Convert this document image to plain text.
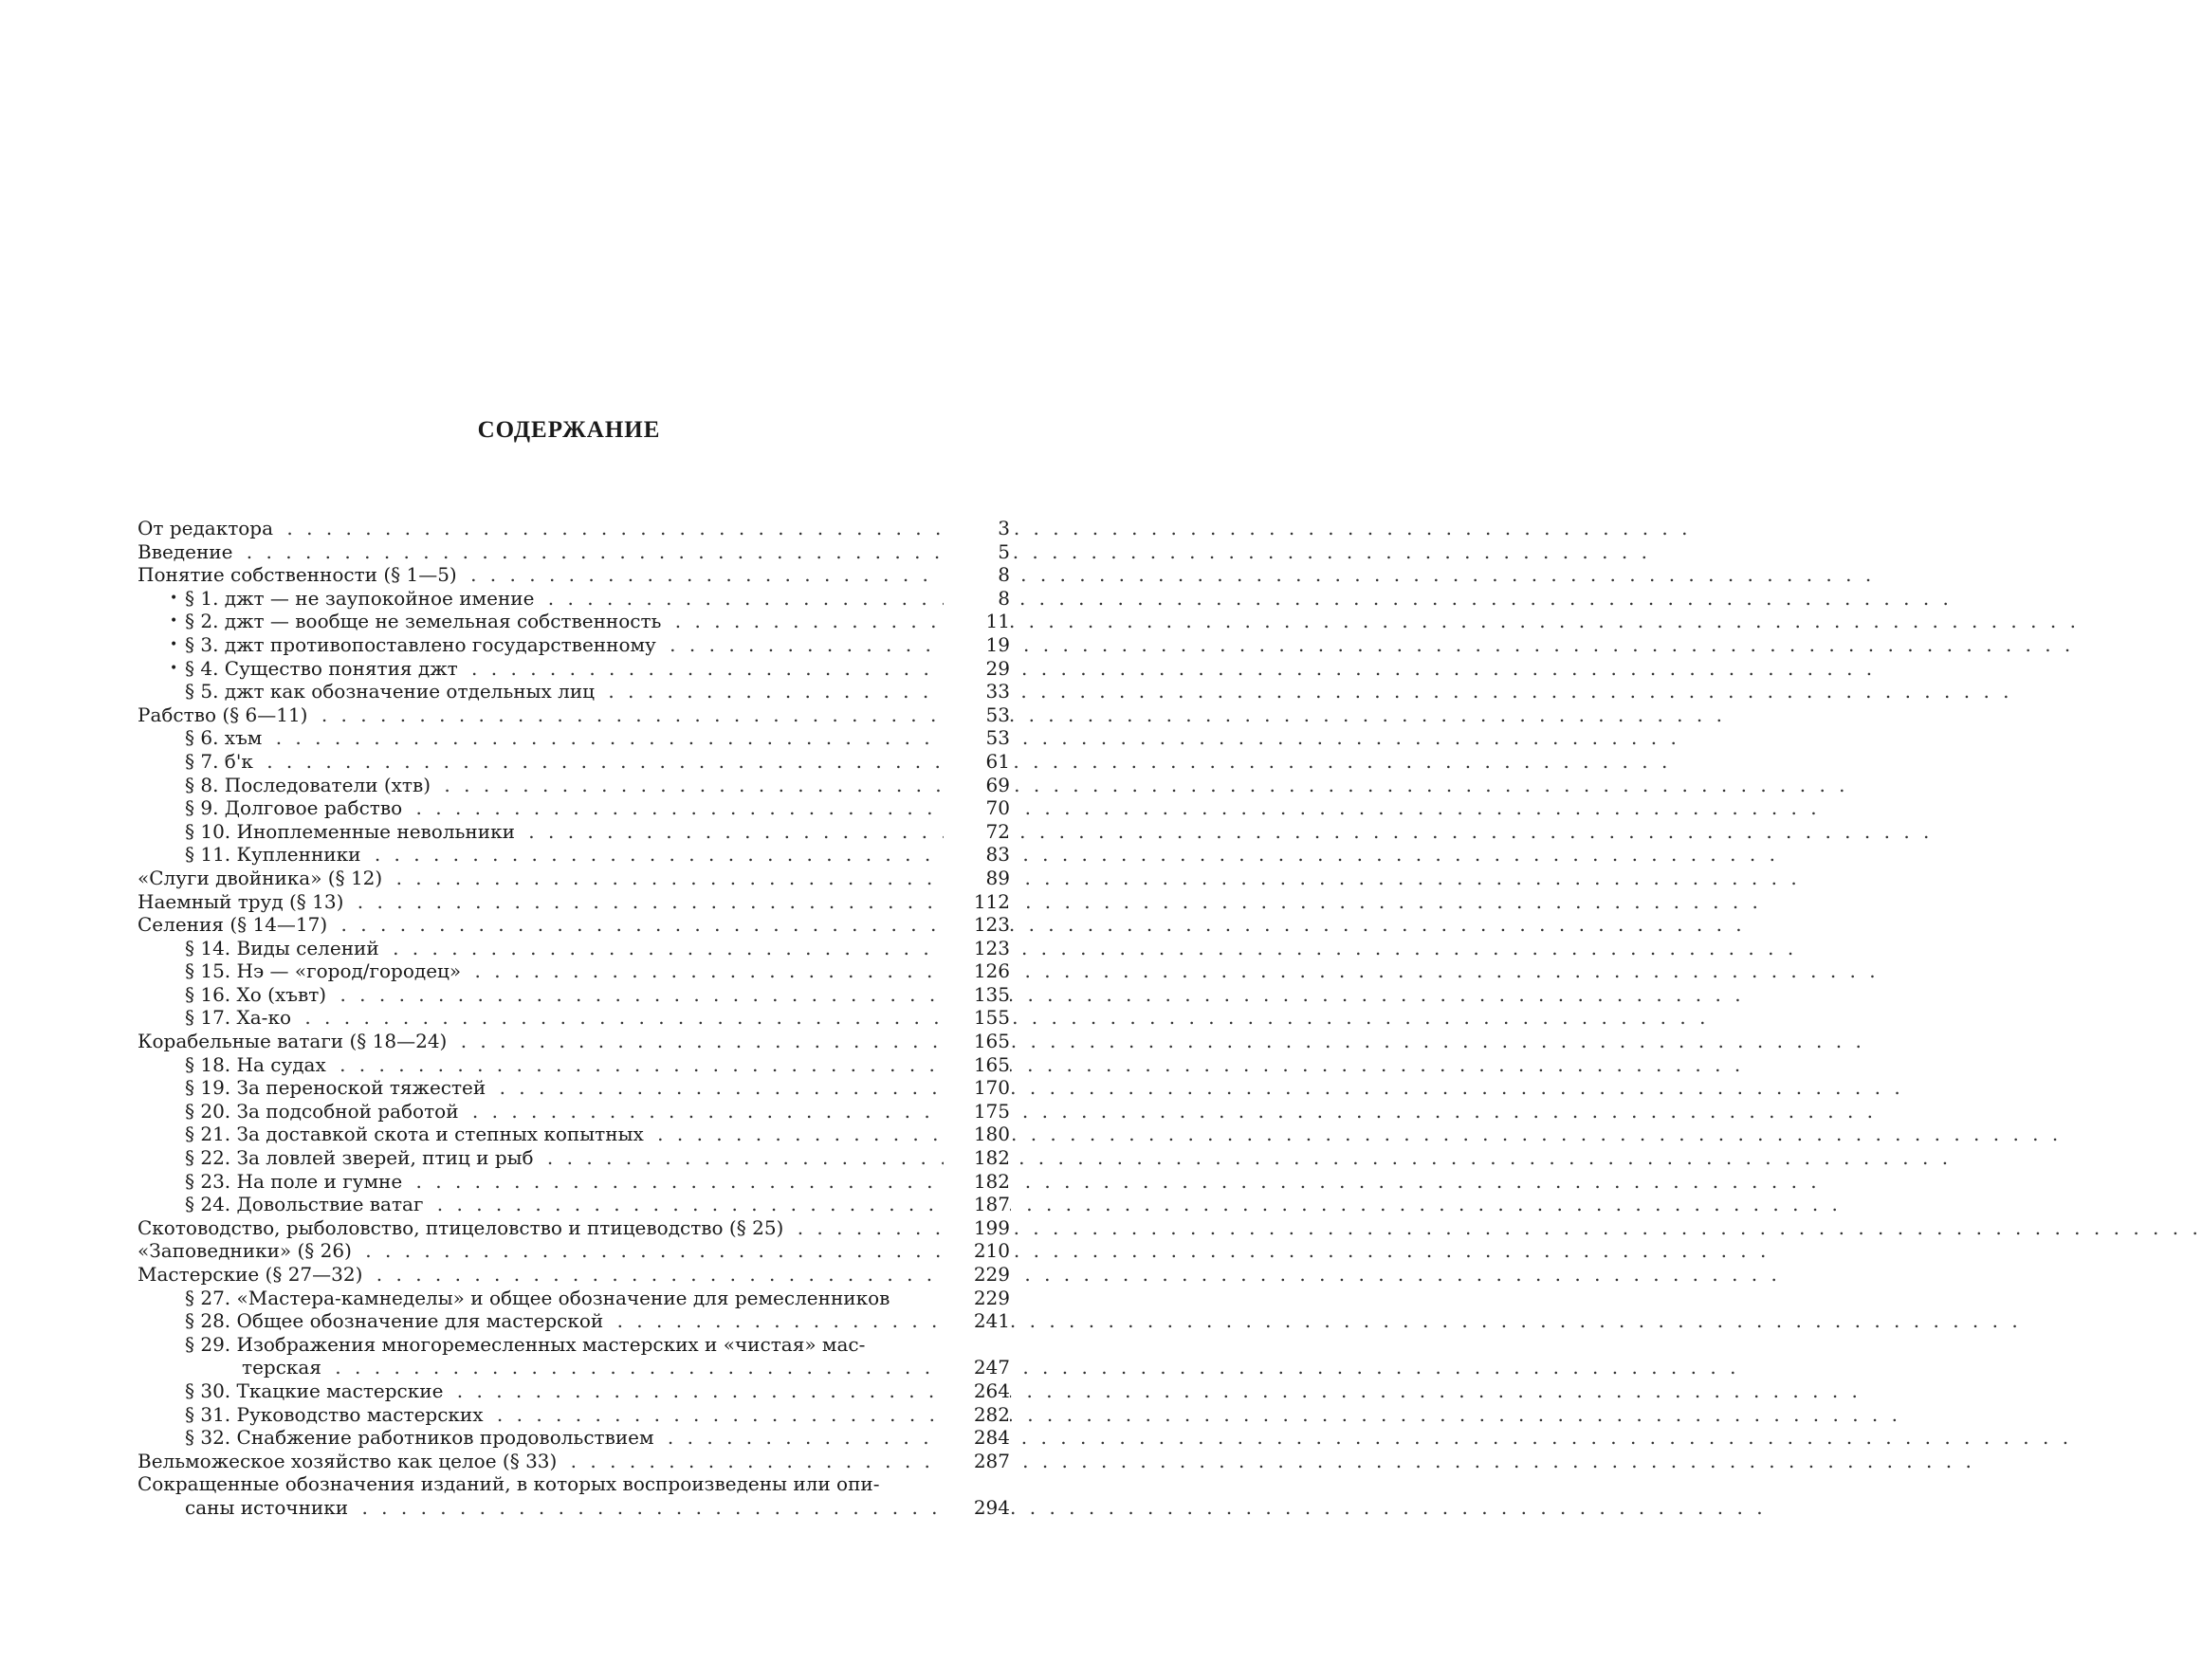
СОДЕРЖАНИЕ
От редактора . . .	3
Введение . . .	5
Понятие собственности (§ 1—5) . . .	8
• § 1. джт — не заупокойное имение . . .	8
• § 2. джт — вообще не земельная собственность . . .	11
• § 3. джт противопоставлено государственному . . .	19
• § 4. Существо понятия джт . . .	29
§ 5. джт как обозначение отдельных лиц . . .	33
Рабство (§ 6—11) . . .	53
§ 6. хъм . . .	53
§ 7. б'к . . .	61
§ 8. Последователи (хтв) . . .	69
§ 9. Долговое рабство . . .	70
§ 10. Иноплеменные невольники . . .	72
§ 11. Купленники . . .	83
«Слуги двойника» (§ 12) . . .	89
Наемный труд (§ 13) . . .	112
Селения (§ 14—17) . . .	123
§ 14. Виды селений . . .	123
§ 15. Нэ — «город/городец» . . .	126
§ 16. Хо (хъвт) . . .	135
§ 17. Ха-ко . . .	155
Корабельные ватаги (§ 18—24) . . .	165
§ 18. На судах . . .	165
§ 19. За переноской тяжестей . . .	170
§ 20. За подсобной работой . . .	175
§ 21. За доставкой скота и степных копытных . . .	180
§ 22. За ловлей зверей, птиц и рыб . . .	182
§ 23. На поле и гумне . . .	182
§ 24. Довольствие ватаг . . .	187
Скотоводство, рыболовство, птицеловство и птицеводство (§ 25) . . .	199
«Заповедники» (§ 26) . . .	210
Мастерские (§ 27—32) . . .	229
§ 27. «Мастера-камнеделы» и общее обозначение для ремесленников	229
§ 28. Общее обозначение для мастерской . . .	241
§ 29. Изображения многоремесленных мастерских и «чистая» мас-
терская . . .	247
§ 30. Ткацкие мастерские . . .	264
§ 31. Руководство мастерских . . .	282
§ 32. Снабжение работников продовольствием . . .	284
Вельможеское хозяйство как целое (§ 33) . . .	287
Сокращенные обозначения изданий, в которых воспроизведены или опи-
саны источники . . .	294
